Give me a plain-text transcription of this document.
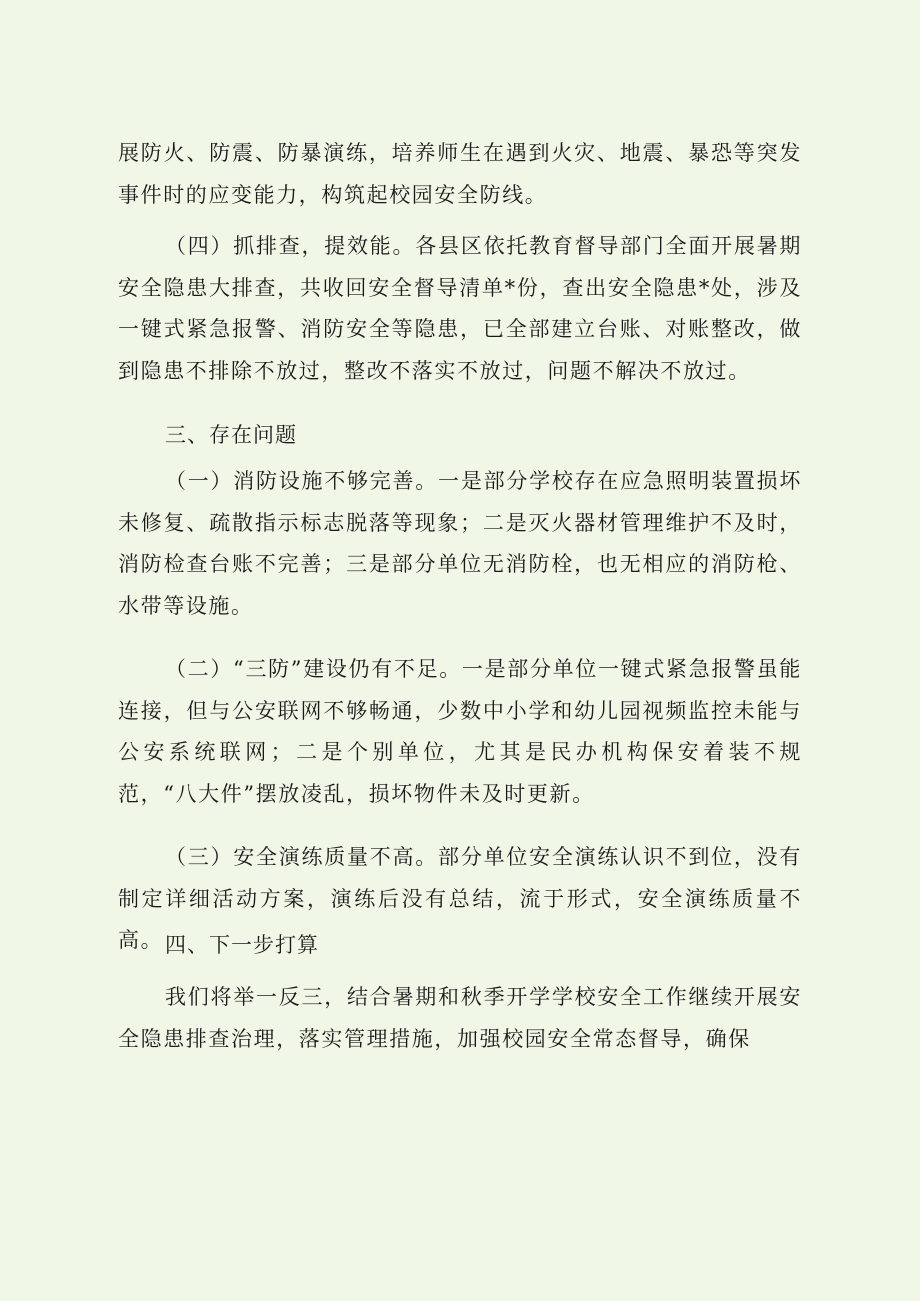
展防火、防震、防暴演练，培养师生在遇到火灾、地震、暴恐等突发事件时的应变能力，构筑起校园安全防线。

（四）抓排查，提效能。各县区依托教育督导部门全面开展暑期安全隐患大排查，共收回安全督导清单*份，查出安全隐患*处，涉及一键式紧急报警、消防安全等隐患，已全部建立台账、对账整改，做到隐患不排除不放过，整改不落实不放过，问题不解决不放过。

三、存在问题

（一）消防设施不够完善。一是部分学校存在应急照明装置损坏未修复、疏散指示标志脱落等现象；二是灭火器材管理维护不及时，消防检查台账不完善；三是部分单位无消防栓，也无相应的消防枪、水带等设施。

（二）“三防”建设仍有不足。一是部分单位一键式紧急报警虽能连接，但与公安联网不够畅通，少数中小学和幼儿园视频监控未能与公安系统联网；二是个别单位，尤其是民办机构保安着装不规范，“八大件”摆放凌乱，损坏物件未及时更新。

（三）安全演练质量不高。部分单位安全演练认识不到位，没有制定详细活动方案，演练后没有总结，流于形式，安全演练质量不高。 四、下一步打算

我们将举一反三，结合暑期和秋季开学学校安全工作继续开展安全隐患排查治理，落实管理措施，加强校园安全常态督导，确保
